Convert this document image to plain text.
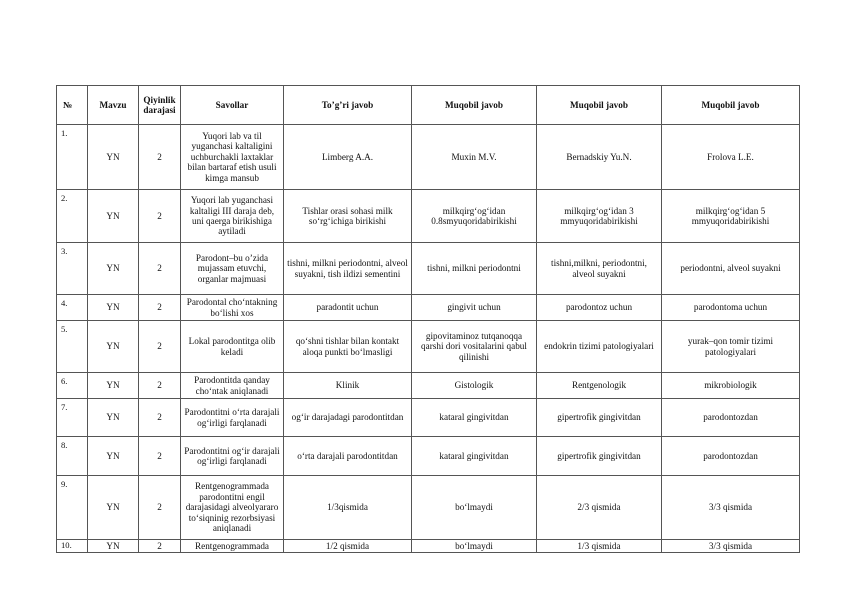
№	Mavzu	Qiyinlik darajasi	Savollar	To’g’ri javob	Muqobil javob	Muqobil javob	Muqobil javob
1.	YN	2	Yuqori lab va til yuganchasi kaltaligini uchburchakli laxtaklar bilan bartaraf etish usuli kimga mansub	Limberg A.A.	Muxin M.V.	Bernadskiy Yu.N.	Frolova L.E.
2.	YN	2	Yuqori lab yuganchasi kaltaligi III daraja deb, uni qaerga birikishiga aytiladi	Tishlar orasi sohasi milk so‘rg‘ichiga birikishi	milkqirg‘og‘idan 0.8smyuqoridabirikishi	milkqirg‘og‘idan 3 mmyuqoridabirikishi	milkqirg‘og‘idan 5 mmyuqoridabirikishi
3.	YN	2	Parodont–bu o’zida mujassam etuvchi, organlar majmuasi	tishni, milkni periodontni, alveol suyakni, tish ildizi sementini	tishni, milkni periodontni	tishni,milkni, periodontni, alveol suyakni	periodontni, alveol suyakni
4.	YN	2	Parodontal cho‘ntakning bo‘lishi xos	paradontit uchun	gingivit uchun	parodontoz uchun	parodontoma uchun
5.	YN	2	Lokal parodontitga olib keladi	qo‘shni tishlar bilan kontakt aloqa punkti bo‘lmasligi	gipovitaminoz tutqanoqqa qarshi dori vositalarini qabul qilinishi	endokrin tizimi patologiyalari	yurak–qon tomir tizimi patologiyalari
6.	YN	2	Parodontitda qanday cho‘ntak aniqlanadi	Klinik	Gistologik	Rentgenologik	mikrobiologik
7.	YN	2	Parodontitni o‘rta darajali og‘irligi farqlanadi	og‘ir darajadagi parodontitdan	kataral gingivitdan	gipertrofik gingivitdan	parodontozdan
8.	YN	2	Parodontitni og‘ir darajali og‘irligi farqlanadi	o‘rta darajali parodontitdan	kataral gingivitdan	gipertrofik gingivitdan	parodontozdan
9.	YN	2	Rentgenogrammada parodontitni engil darajasidagi alveolyararo to‘siqninig rezorbsiyasi aniqlanadi	1/3qismida	bo‘lmaydi	2/3 qismida	3/3 qismida
10.	YN	2	Rentgenogrammada	1/2 qismida	bo‘lmaydi	1/3 qismida	3/3 qismida
